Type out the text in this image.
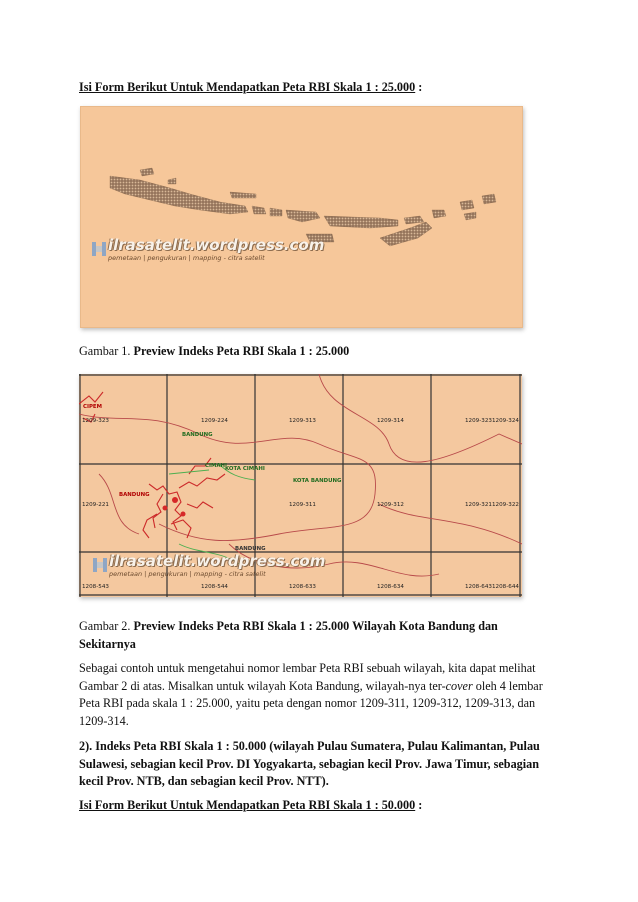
Isi Form Berikut Untuk Mendapatkan Peta RBI Skala 1 : 25.000 :
ilrasatelit.wordpress.com
pemetaan | pengukuran | mapping - citra satelit
Gambar 1. Preview Indeks Peta RBI Skala 1 : 25.000
1209-323	1209-224	1209-313	1209-314	1209-323 1209-324
1209-221	1209-311	1209-312	1209-321 1209-322
1208-543	1208-544	1208-633	1208-634	1208-643 1208-644
BANDUNG
KOTA CIMAHI
KOTA BANDUNG
BANDUNG
BANDUNG
CIPEM
CIMAHI
ilrasatelit.wordpress.com
pemetaan | pengukuran | mapping - citra satelit
Gambar 2. Preview Indeks Peta RBI Skala 1 : 25.000 Wilayah Kota Bandung dan
Sekitarnya
Sebagai contoh untuk mengetahui nomor lembar Peta RBI sebuah wilayah, kita dapat melihat
Gambar 2 di atas. Misalkan untuk wilayah Kota Bandung, wilayah-nya ter-cover oleh 4 lembar
Peta RBI pada skala 1 : 25.000, yaitu peta dengan nomor 1209-311, 1209-312, 1209-313, dan
1209-314.
2). Indeks Peta RBI Skala 1 : 50.000 (wilayah Pulau Sumatera, Pulau Kalimantan, Pulau
Sulawesi, sebagian kecil Prov. DI Yogyakarta, sebagian kecil Prov. Jawa Timur, sebagian
kecil Prov. NTB, dan sebagian kecil Prov. NTT).
Isi Form Berikut Untuk Mendapatkan Peta RBI Skala 1 : 50.000 :
